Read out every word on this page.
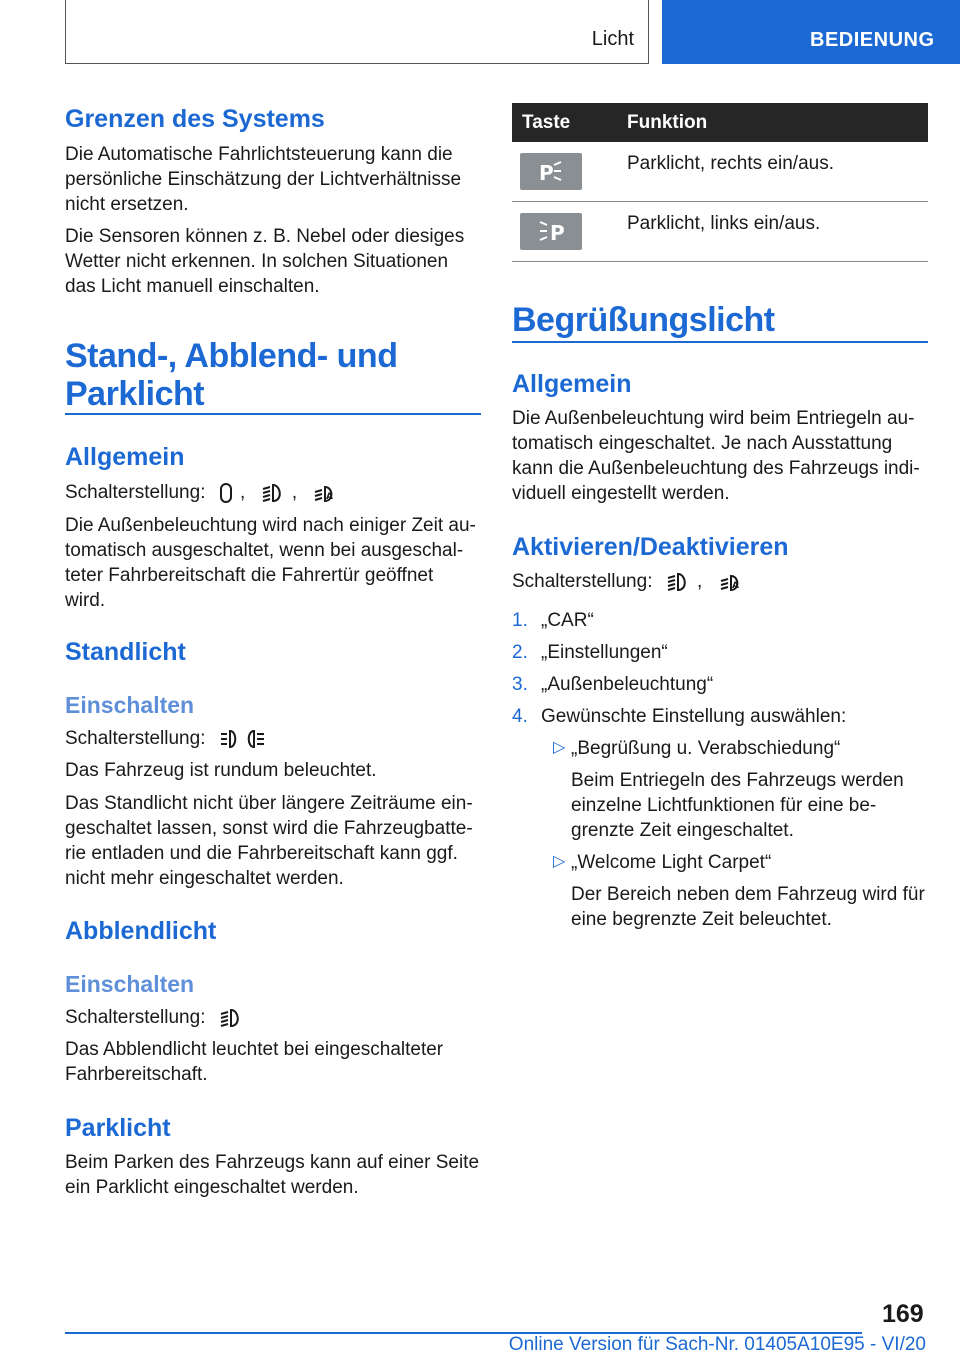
Licht	BEDIENUNG
Grenzen des Systems
Die Automatische Fahrlichtsteuerung kann die
persönliche Einschätzung der Lichtverhältnisse
nicht ersetzen.
Die Sensoren können z. B. Nebel oder diesiges
Wetter nicht erkennen. In solchen Situationen
das Licht manuell einschalten.
Stand-, Abblend- und
Parklicht
Allgemein
Schalterstellung: , ,	A
Die Außenbeleuchtung wird nach einiger Zeit au‐
tomatisch ausgeschaltet, wenn bei ausgeschal‐
teter Fahrbereitschaft die Fahrertür geöffnet
wird.
Standlicht
Einschalten
Schalterstellung:
Das Fahrzeug ist rundum beleuchtet.
Das Standlicht nicht über längere Zeiträume ein‐
geschaltet lassen, sonst wird die Fahrzeugbatte‐
rie entladen und die Fahrbereitschaft kann ggf.
nicht mehr eingeschaltet werden.
Abblendlicht
Einschalten
Schalterstellung:
Das Abblendlicht leuchtet bei eingeschalteter
Fahrbereitschaft.
Parklicht
Beim Parken des Fahrzeugs kann auf einer Seite
ein Parklicht eingeschaltet werden.
Taste	Funktion
P	Parklicht, rechts ein/aus.
P	Parklicht, links ein/aus.
Begrüßungslicht
Allgemein
Die Außenbeleuchtung wird beim Entriegeln au‐
tomatisch eingeschaltet. Je nach Ausstattung
kann die Außenbeleuchtung des Fahrzeugs indi‐
viduell eingestellt werden.
Aktivieren/Deaktivieren
Schalterstellung: ,	A
1. „CAR“
2. „Einstellungen“
3. „Außenbeleuchtung“
4. Gewünschte Einstellung auswählen:
▷ „Begrüßung u. Verabschiedung“
Beim Entriegeln des Fahrzeugs werden
einzelne Lichtfunktionen für eine be‐
grenzte Zeit eingeschaltet.
▷ „Welcome Light Carpet“
Der Bereich neben dem Fahrzeug wird für
eine begrenzte Zeit beleuchtet.
169
Online Version für Sach-Nr. 01405A10E95 - VI/20
